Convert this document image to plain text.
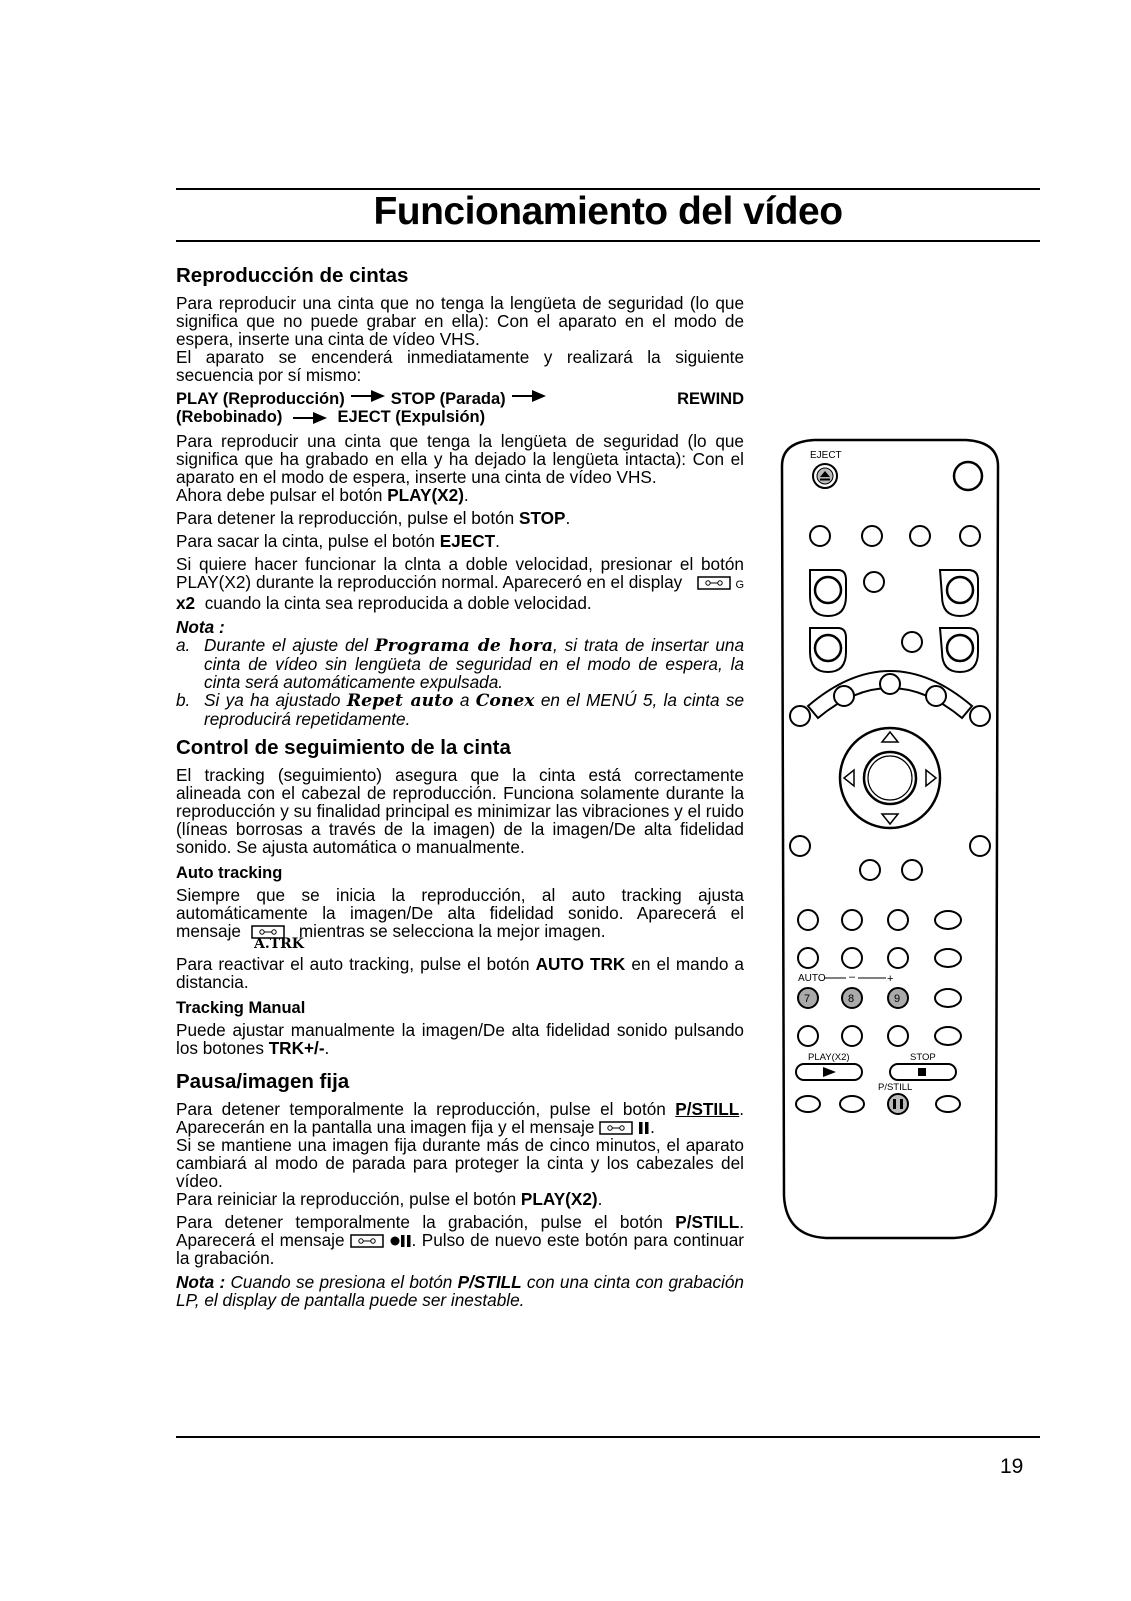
Funcionamiento del vídeo
Reproducción de cintas

Para reproducir una cinta que no tenga la lengüeta de seguridad (lo que significa que no puede grabar en ella): Con el aparato en el modo de espera, inserte una cinta de vídeo VHS.

El aparato se encenderá inmediatamente y realizará la siguiente secuencia por sí mismo:

PLAY (Reproducción)	STOP (Parada)	REWIND
(Rebobinado)	EJECT (Expulsión)

Para reproducir una cinta que tenga la lengüeta de seguridad (lo que significa que ha grabado en ella y ha dejado la lengüeta intacta): Con el aparato en el modo de espera, inserte una cinta de vídeo VHS.

Ahora debe pulsar el botón PLAY(X2).

Para detener la reproducción, pulse el botón STOP.

Para sacar la cinta, pulse el botón EJECT.

Si quiere hacer funcionar la clnta a doble velocidad, presionar el botón PLAY(X2) durante la reproducción normal. Apareceró en el display	G x2 cuando la cinta sea reproducida a doble velocidad.

Nota :
a. Durante el ajuste del Programa de hora, si trata de insertar una cinta de vídeo sin lengüeta de seguridad en el modo de espera, la cinta será automáticamente expulsada.
b. Si ya ha ajustado Repet auto a Conex en el MENÚ 5, la cinta se reproducirá repetidamente.
Control de seguimiento de la cinta

El tracking (seguimiento) asegura que la cinta está correctamente alineada con el cabezal de reproducción. Funciona solamente durante la reproducción y su finalidad principal es minimizar las vibraciones y el ruido (líneas borrosas a través de la imagen) de la imagen/De alta fidelidad sonido. Se ajusta automática o manualmente.

Auto tracking

Siempre que se inicia la reproducción, al auto tracking ajusta automáticamente la imagen/De alta fidelidad sonido. Aparecerá el mensaje	mientras se selecciona la mejor imagen.

A.TRK

Para reactivar el auto tracking, pulse el botón AUTO TRK en el mando a distancia.

Tracking Manual

Puede ajustar manualmente la imagen/De alta fidelidad sonido pulsando los botones TRK+/-.

Pausa/imagen fija

Para detener temporalmente la reproducción, pulse el botón P/STILL. Aparecerán en la pantalla una imagen fija y el mensaje	.

Si se mantiene una imagen fija durante más de cinco minutos, el aparato cambiará al modo de parada para proteger la cinta y los cabezales del vídeo.

Para reiniciar la reproducción, pulse el botón PLAY(X2).

Para detener temporalmente la grabación, pulse el botón P/STILL. Aparecerá el mensaje	. Pulso de nuevo este botón para continuar la grabación.

Nota : Cuando se presiona el botón P/STILL con una cinta con grabación LP, el display de pantalla puede ser inestable.

EJECT
AUTO –	+
7	8	9
PLAY(X2)	STOP
P/STILL
19
